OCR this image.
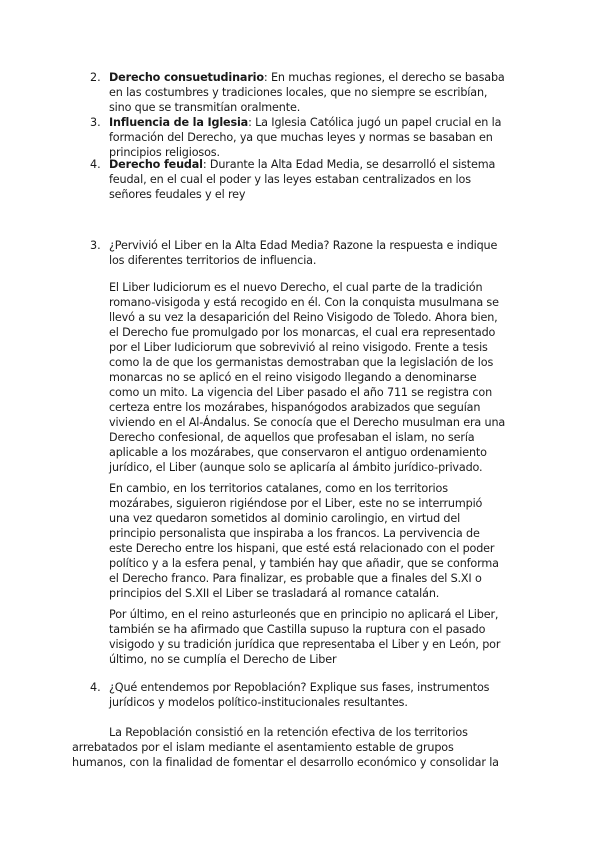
2. Derecho consuetudinario: En muchas regiones, el derecho se basaba
en las costumbres y tradiciones locales, que no siempre se escribían,
sino que se transmitían oralmente.
3. Influencia de la Iglesia: La Iglesia Católica jugó un papel crucial en la
formación del Derecho, ya que muchas leyes y normas se basaban en
principios religiosos.
4. Derecho feudal: Durante la Alta Edad Media, se desarrolló el sistema
feudal, en el cual el poder y las leyes estaban centralizados en los
señores feudales y el rey
3. ¿Pervivió el Liber en la Alta Edad Media? Razone la respuesta e indique
los diferentes territorios de influencia.
El Liber Iudiciorum es el nuevo Derecho, el cual parte de la tradición
romano-visigoda y está recogido en él. Con la conquista musulmana se
llevó a su vez la desaparición del Reino Visigodo de Toledo. Ahora bien,
el Derecho fue promulgado por los monarcas, el cual era representado
por el Liber Iudiciorum que sobrevivió al reino visigodo. Frente a tesis
como la de que los germanistas demostraban que la legislación de los
monarcas no se aplicó en el reino visigodo llegando a denominarse
como un mito. La vigencia del Liber pasado el año 711 se registra con
certeza entre los mozárabes, hispanógodos arabizados que seguían
viviendo en el Al-Ándalus. Se conocía que el Derecho musulman era una
Derecho confesional, de aquellos que profesaban el islam, no sería
aplicable a los mozárabes, que conservaron el antiguo ordenamiento
jurídico, el Liber (aunque solo se aplicaría al ámbito jurídico-privado.
En cambio, en los territorios catalanes, como en los territorios
mozárabes, siguieron rigiéndose por el Liber, este no se interrumpió
una vez quedaron sometidos al dominio carolingio, en virtud del
principio personalista que inspiraba a los francos. La pervivencia de
este Derecho entre los hispani, que esté está relacionado con el poder
político y a la esfera penal, y también hay que añadir, que se conforma
el Derecho franco. Para finalizar, es probable que a finales del S.XI o
principios del S.XII el Liber se trasladará al romance catalán.
Por último, en el reino asturleonés que en principio no aplicará el Liber,
también se ha afirmado que Castilla supuso la ruptura con el pasado
visigodo y su tradición jurídica que representaba el Liber y en León, por
último, no se cumplía el Derecho de Liber
4. ¿Qué entendemos por Repoblación? Explique sus fases, instrumentos
jurídicos y modelos político-institucionales resultantes.
La Repoblación consistió en la retención efectiva de los territorios
arrebatados por el islam mediante el asentamiento estable de grupos
humanos, con la finalidad de fomentar el desarrollo económico y consolidar la
